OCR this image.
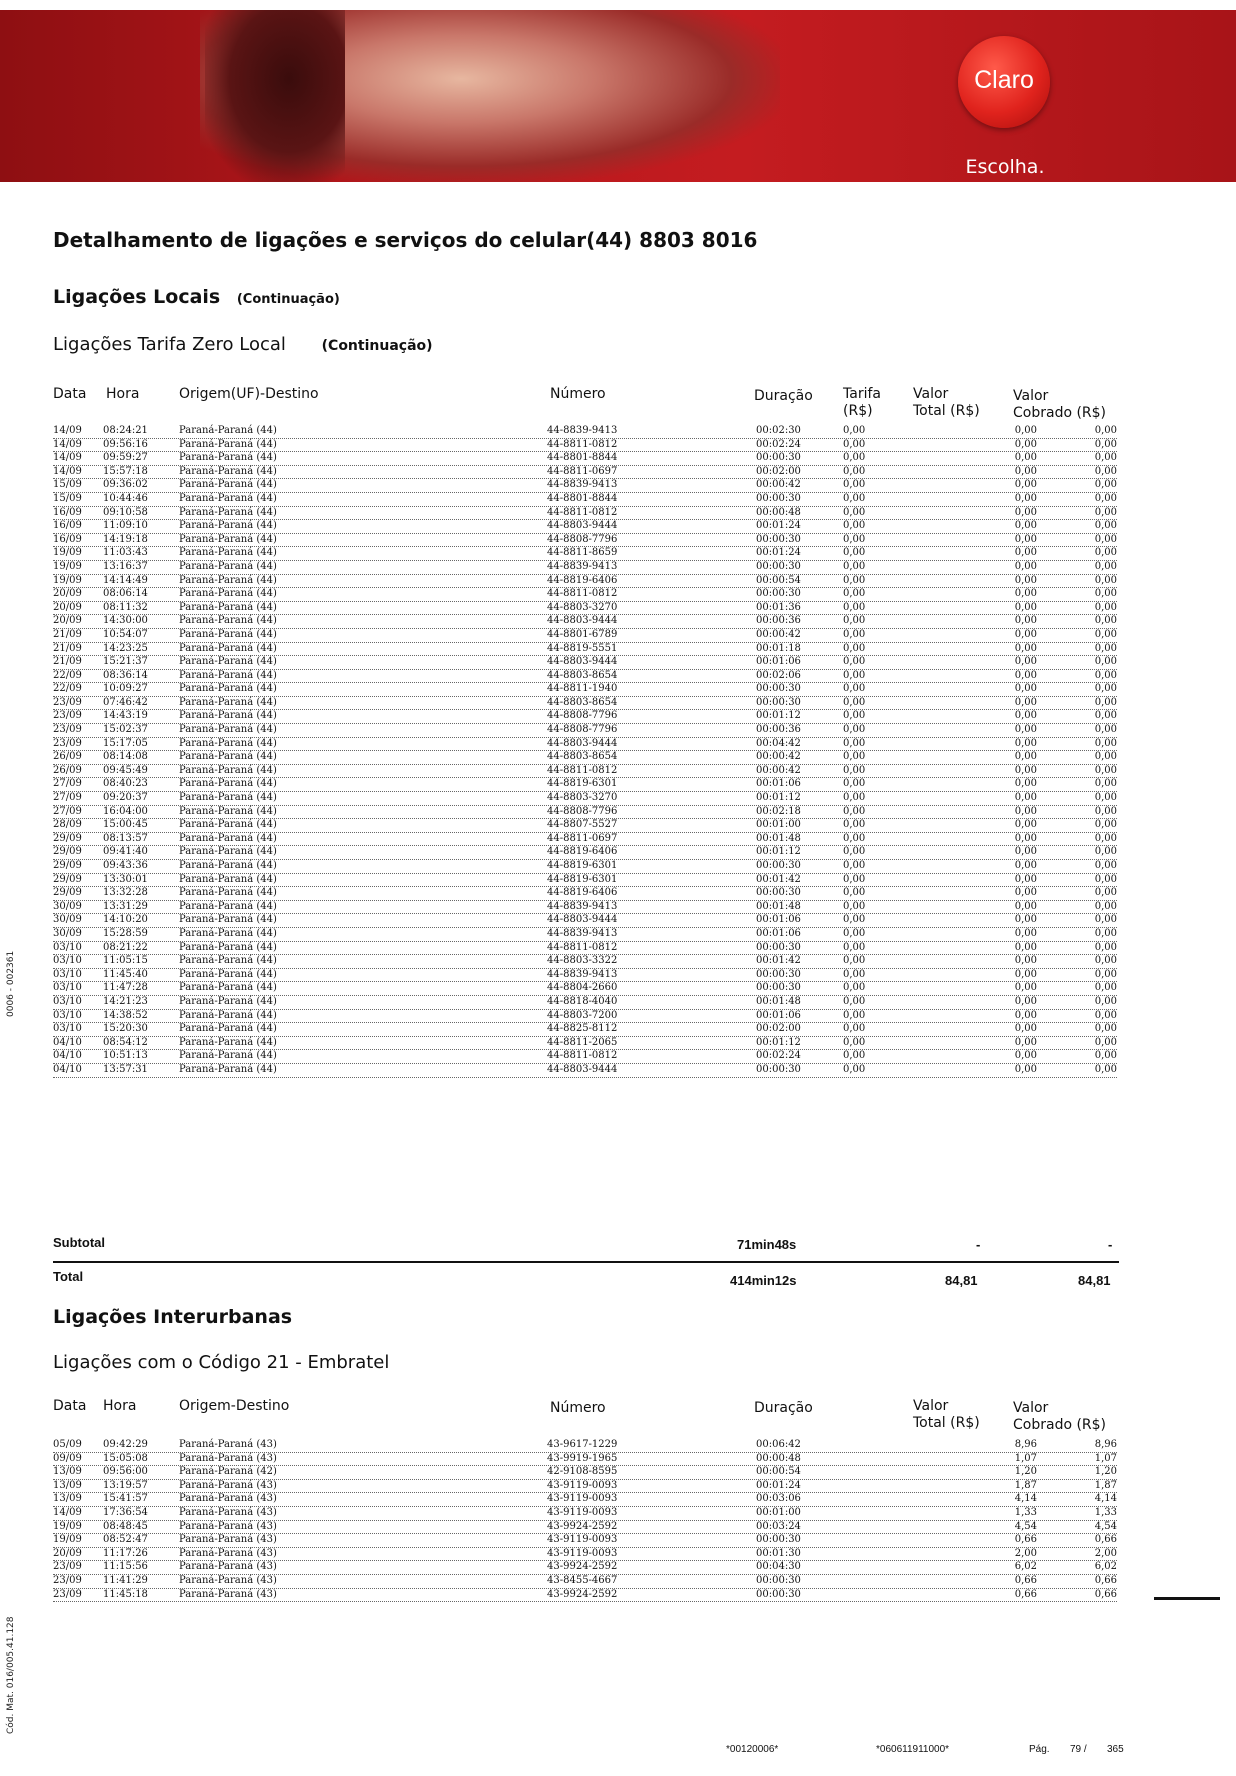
Claro
Escolha.
Detalhamento de ligações e serviços do celular(44) 8803 8016
Ligações Locais (Continuação)
Ligações Tarifa Zero Local	(Continuação)
Data Hora	Origem(UF)-Destino	Número	Duração Tarifa
(R$)
Valor
Total (R$)
Valor
Cobrado (R$)
14/09 08:24:21	Paraná-Paraná (44)	44-8839-9413	00:02:30	0,00	0,00	0,00
14/09 09:56:16	Paraná-Paraná (44)	44-8811-0812	00:02:24	0,00	0,00	0,00
14/09 09:59:27	Paraná-Paraná (44)	44-8801-8844	00:00:30	0,00	0,00	0,00
14/09 15:57:18	Paraná-Paraná (44)	44-8811-0697	00:02:00	0,00	0,00	0,00
15/09 09:36:02	Paraná-Paraná (44)	44-8839-9413	00:00:42	0,00	0,00	0,00
15/09 10:44:46	Paraná-Paraná (44)	44-8801-8844	00:00:30	0,00	0,00	0,00
16/09 09:10:58	Paraná-Paraná (44)	44-8811-0812	00:00:48	0,00	0,00	0,00
16/09 11:09:10	Paraná-Paraná (44)	44-8803-9444	00:01:24	0,00	0,00	0,00
16/09 14:19:18	Paraná-Paraná (44)	44-8808-7796	00:00:30	0,00	0,00	0,00
19/09 11:03:43	Paraná-Paraná (44)	44-8811-8659	00:01:24	0,00	0,00	0,00
19/09 13:16:37	Paraná-Paraná (44)	44-8839-9413	00:00:30	0,00	0,00	0,00
19/09 14:14:49	Paraná-Paraná (44)	44-8819-6406	00:00:54	0,00	0,00	0,00
20/09 08:06:14	Paraná-Paraná (44)	44-8811-0812	00:00:30	0,00	0,00	0,00
20/09 08:11:32	Paraná-Paraná (44)	44-8803-3270	00:01:36	0,00	0,00	0,00
20/09 14:30:00	Paraná-Paraná (44)	44-8803-9444	00:00:36	0,00	0,00	0,00
21/09 10:54:07	Paraná-Paraná (44)	44-8801-6789	00:00:42	0,00	0,00	0,00
21/09 14:23:25	Paraná-Paraná (44)	44-8819-5551	00:01:18	0,00	0,00	0,00
21/09 15:21:37	Paraná-Paraná (44)	44-8803-9444	00:01:06	0,00	0,00	0,00
22/09 08:36:14	Paraná-Paraná (44)	44-8803-8654	00:02:06	0,00	0,00	0,00
22/09 10:09:27	Paraná-Paraná (44)	44-8811-1940	00:00:30	0,00	0,00	0,00
23/09 07:46:42	Paraná-Paraná (44)	44-8803-8654	00:00:30	0,00	0,00	0,00
23/09 14:43:19	Paraná-Paraná (44)	44-8808-7796	00:01:12	0,00	0,00	0,00
23/09 15:02:37	Paraná-Paraná (44)	44-8808-7796	00:00:36	0,00	0,00	0,00
23/09 15:17:05	Paraná-Paraná (44)	44-8803-9444	00:04:42	0,00	0,00	0,00
26/09 08:14:08	Paraná-Paraná (44)	44-8803-8654	00:00:42	0,00	0,00	0,00
26/09 09:45:49	Paraná-Paraná (44)	44-8811-0812	00:00:42	0,00	0,00	0,00
27/09 08:40:23	Paraná-Paraná (44)	44-8819-6301	00:01:06	0,00	0,00	0,00
27/09 09:20:37	Paraná-Paraná (44)	44-8803-3270	00:01:12	0,00	0,00	0,00
27/09 16:04:00	Paraná-Paraná (44)	44-8808-7796	00:02:18	0,00	0,00	0,00
28/09 15:00:45	Paraná-Paraná (44)	44-8807-5527	00:01:00	0,00	0,00	0,00
29/09 08:13:57	Paraná-Paraná (44)	44-8811-0697	00:01:48	0,00	0,00	0,00
29/09 09:41:40	Paraná-Paraná (44)	44-8819-6406	00:01:12	0,00	0,00	0,00
29/09 09:43:36	Paraná-Paraná (44)	44-8819-6301	00:00:30	0,00	0,00	0,00
29/09 13:30:01	Paraná-Paraná (44)	44-8819-6301	00:01:42	0,00	0,00	0,00
29/09 13:32:28	Paraná-Paraná (44)	44-8819-6406	00:00:30	0,00	0,00	0,00
30/09 13:31:29	Paraná-Paraná (44)	44-8839-9413	00:01:48	0,00	0,00	0,00
30/09 14:10:20	Paraná-Paraná (44)	44-8803-9444	00:01:06	0,00	0,00	0,00
30/09 15:28:59	Paraná-Paraná (44)	44-8839-9413	00:01:06	0,00	0,00	0,00
03/10 08:21:22	Paraná-Paraná (44)	44-8811-0812	00:00:30	0,00	0,00	0,00
03/10 11:05:15	Paraná-Paraná (44)	44-8803-3322	00:01:42	0,00	0,00	0,00
03/10 11:45:40	Paraná-Paraná (44)	44-8839-9413	00:00:30	0,00	0,00	0,00
03/10 11:47:28	Paraná-Paraná (44)	44-8804-2660	00:00:30	0,00	0,00	0,00
03/10 14:21:23	Paraná-Paraná (44)	44-8818-4040	00:01:48	0,00	0,00	0,00
03/10 14:38:52	Paraná-Paraná (44)	44-8803-7200	00:01:06	0,00	0,00	0,00
03/10 15:20:30	Paraná-Paraná (44)	44-8825-8112	00:02:00	0,00	0,00	0,00
04/10 08:54:12	Paraná-Paraná (44)	44-8811-2065	00:01:12	0,00	0,00	0,00
04/10 10:51:13	Paraná-Paraná (44)	44-8811-0812	00:02:24	0,00	0,00	0,00
04/10 13:57:31	Paraná-Paraná (44)	44-8803-9444	00:00:30	0,00	0,00	0,00
Subtotal	71min48s	-	-
Total	414min12s	84,81	84,81
Ligações Interurbanas
Ligações com o Código 21 - Embratel
Data Hora	Origem-Destino	Número	Duração	Valor
Total (R$)
Valor
Cobrado (R$)
05/09 09:42:29	Paraná-Paraná (43)	43-9617-1229	00:06:42	8,96	8,96
09/09 15:05:08	Paraná-Paraná (43)	43-9919-1965	00:00:48	1,07	1,07
13/09 09:56:00	Paraná-Paraná (42)	42-9108-8595	00:00:54	1,20	1,20
13/09 13:19:57	Paraná-Paraná (43)	43-9119-0093	00:01:24	1,87	1,87
13/09 15:41:57	Paraná-Paraná (43)	43-9119-0093	00:03:06	4,14	4,14
14/09 17:36:54	Paraná-Paraná (43)	43-9119-0093	00:01:00	1,33	1,33
19/09 08:48:45	Paraná-Paraná (43)	43-9924-2592	00:03:24	4,54	4,54
19/09 08:52:47	Paraná-Paraná (43)	43-9119-0093	00:00:30	0,66	0,66
20/09 11:17:26	Paraná-Paraná (43)	43-9119-0093	00:01:30	2,00	2,00
23/09 11:15:56	Paraná-Paraná (43)	43-9924-2592	00:04:30	6,02	6,02
23/09 11:41:29	Paraná-Paraná (43)	43-8455-4667	00:00:30	0,66	0,66
23/09 11:45:18	Paraná-Paraná (43)	43-9924-2592	00:00:30	0,66	0,66
0006 - 002361
Cód. Mat. 016/005.41.128
*00120006*	*060611911000*	Pág. 79 / 365
